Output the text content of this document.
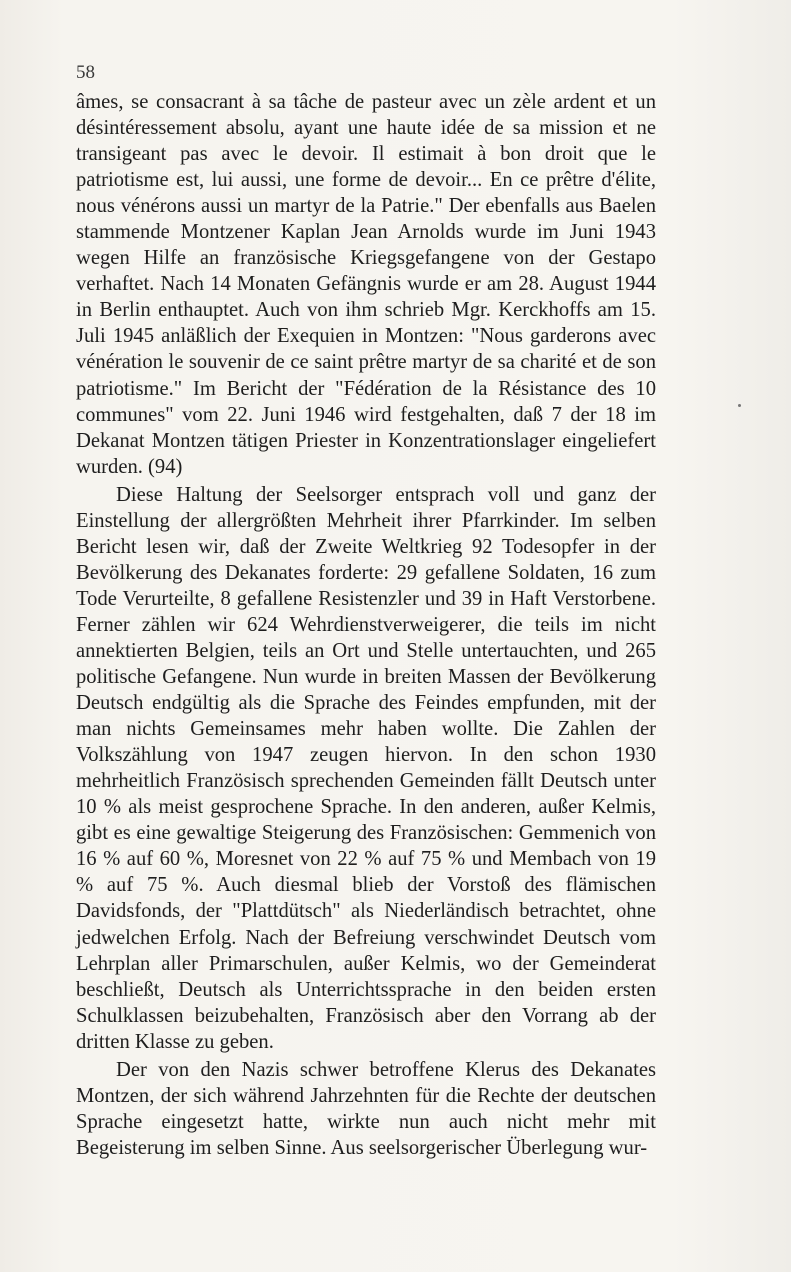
58

âmes, se consacrant à sa tâche de pasteur avec un zèle ardent et un désintéressement absolu, ayant une haute idée de sa mission et ne transigeant pas avec le devoir. Il estimait à bon droit que le patriotisme est, lui aussi, une forme de devoir... En ce prêtre d'élite, nous vénérons aussi un martyr de la Patrie." Der ebenfalls aus Baelen stammende Montzener Kaplan Jean Arnolds wurde im Juni 1943 wegen Hilfe an französische Kriegsgefangene von der Gestapo verhaftet. Nach 14 Monaten Gefängnis wurde er am 28. August 1944 in Berlin enthauptet. Auch von ihm schrieb Mgr. Kerckhoffs am 15. Juli 1945 anläßlich der Exequien in Montzen: "Nous garderons avec vénération le souvenir de ce saint prêtre martyr de sa charité et de son patriotisme." Im Bericht der "Fédération de la Résistance des 10 communes" vom 22. Juni 1946 wird festgehalten, daß 7 der 18 im Dekanat Montzen tätigen Priester in Konzentrationslager eingeliefert wurden. (94)

Diese Haltung der Seelsorger entsprach voll und ganz der Einstellung der allergrößten Mehrheit ihrer Pfarrkinder. Im selben Bericht lesen wir, daß der Zweite Weltkrieg 92 Todesopfer in der Bevölkerung des Dekanates forderte: 29 gefallene Soldaten, 16 zum Tode Verurteilte, 8 gefallene Resistenzler und 39 in Haft Verstorbene. Ferner zählen wir 624 Wehrdienstverweigerer, die teils im nicht annektierten Belgien, teils an Ort und Stelle untertauchten, und 265 politische Gefangene. Nun wurde in breiten Massen der Bevölkerung Deutsch endgültig als die Sprache des Feindes empfunden, mit der man nichts Gemeinsames mehr haben wollte. Die Zahlen der Volkszählung von 1947 zeugen hiervon. In den schon 1930 mehrheitlich Französisch sprechenden Gemeinden fällt Deutsch unter 10 % als meist gesprochene Sprache. In den anderen, außer Kelmis, gibt es eine gewaltige Steigerung des Französischen: Gemmenich von 16 % auf 60 %, Moresnet von 22 % auf 75 % und Membach von 19 % auf 75 %. Auch diesmal blieb der Vorstoß des flämischen Davidsfonds, der "Plattdütsch" als Niederländisch betrachtet, ohne jedwelchen Erfolg. Nach der Befreiung verschwindet Deutsch vom Lehrplan aller Primarschulen, außer Kelmis, wo der Gemeinderat beschließt, Deutsch als Unterrichtssprache in den beiden ersten Schulklassen beizubehalten, Französisch aber den Vorrang ab der dritten Klasse zu geben.

Der von den Nazis schwer betroffene Klerus des Dekanates Montzen, der sich während Jahrzehnten für die Rechte der deutschen Sprache eingesetzt hatte, wirkte nun auch nicht mehr mit Begeisterung im selben Sinne. Aus seelsorgerischer Überlegung wur-
